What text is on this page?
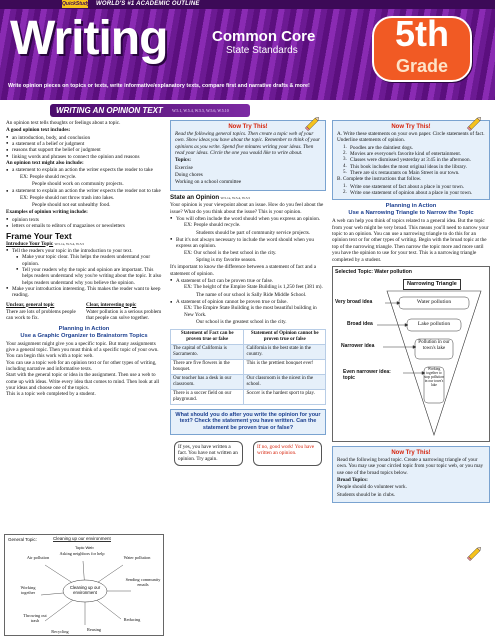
QuickStudy WORLD'S #1 ACADEMIC OUTLINE
Writing	Common Core
State Standards	5th
Grade
Write opinion pieces on topics or texts, write informative/explanatory texts, compare first and narrative drafts & more!
WRITING AN OPINION TEXT W.5.1, W.5.4, W.5.5, W.5.6, W.5.10

An opinion text tells thoughts or feelings about a topic.

A good opinion text includes:

● an introduction, body, and conclusion
● a statement of a belief or judgment
● reasons that support the belief or judgment
● linking words and phrases to connect the opinion and reasons

An opinion text might also include:

● a statement to explain an action the writer expects the reader to take

EX: People should recycle.

People should work on community projects.

● a statement to explain an action the writer expects the reader not to take

EX: People should not throw trash into lakes.

People should not eat unhealthy food.

Examples of opinion writing include:

● opinion texts
● letters or emails to editors of magazines or newsletters
Frame Your Text

Introduce Your Topic W.5.1a, W.5.4, W.5.5

● Tell the readers your topic in the introduction to your text.
● Make your topic clear. This helps the readers understand your opinion.
● Tell your readers why the topic and opinion are important. This helps readers understand why you're writing about the topic. It also helps readers understand why you believe the opinion.
● Make your introduction interesting. This makes the reader want to keep reading.

Unclear, general topic

There are lots of problems people can work to fix.

Clear, interesting topic

Water pollution is a serious problem that people can solve together.

Planning in Action
Use a Graphic Organizer to Brainstorm Topics

Your assignment might give you a specific topic. But many assignments give a general topic. Then you must think of a specific topic of your own. You can begin this work with a topic web.
You can use a topic web for an opinion text or for other types of writing, including narrative and informative texts.
Start with the general topic or idea in the assignment. Then use a web to come up with ideas. Write every idea that comes to mind. Then look at all your ideas and choose one of the topics.
This is a topic web completed by a student.

General Topic:	Cleaning up our environment
Cleaning up our
environment
Topic Web
Air pollution
Asking neighbors for help
Water pollution
Sending community emails
Working together
Throwing out trash	Reducing
Recycling	Reusing
Now Try This!

Read the following general topics. Then create a topic web of your own. Show ideas you have about the topic. Remember to think of your opinions as you write. Spend five minutes writing your ideas. Then read your ideas. Circle the one you would like to write about.

Topics:

Exercise

Doing chores

Working on a school committee

State an Opinion W.5.1a, W.5.4, W.5.5

Your opinion is your viewpoint about an issue. How do you feel about the issue? What do you think about the issue? This is your opinion.

● You will often include the word should when you express an opinion.

EX: People should recycle.

Students should be part of community service projects.

● But it's not always necessary to include the word should when you express an opinion.

EX: Our school is the best school in the city.

Spring is my favorite season.

It's important to know the difference between a statement of fact and a statement of opinion.

● A statement of fact can be proven true or false.

EX: The height of the Empire State Building is 1,250 feet (381 m).

The name of our school is Sally Ride Middle School.

● A statement of opinion cannot be proven true or false.

EX: The Empire State Building is the most beautiful building in New York.

Our school is the greatest school in the city.

Statement of Fact can be proven true or false	Statement of Opinion cannot be proven true or false
The capital of California is Sacramento.	California is the best state in the country.
There are five flowers in the bouquet.	This is the prettiest bouquet ever!
Our teacher has a desk in our classroom.	Our classroom is the nicest in the school.
There is a soccer field on our playground.	Soccer is the hardest sport to play.
What should you do after you write the opinion for your text? Check the statement you have written. Can the statement be proven true or false?
If yes, you have written a fact. You have not written an opinion. Try again.
If no, good work! You have written an opinion.
Now Try This!

A. Write these statements on your own paper. Circle statements of fact. Underline statements of opinion.

1. Poodles are the daintiest dogs.
2. Movies are everyone's favorite kind of entertainment.
3. Classes were dismissed yesterday at 3:45 in the afternoon.
4. This book includes the most original ideas in the library.
5. There are six restaurants on Main Street in our town.

B. Complete the instructions that follow.

1. Write one statement of fact about a place in your town.
2. Write one statement of opinion about a place in your town.
Planning in Action
Use a Narrowing Triangle to Narrow the Topic

A web can help you think of topics related to a general idea. But the topic from your web might be very broad. This means you'll need to narrow your topic to an opinion. You can use a narrowing triangle to do this for an opinion text or for other types of writing. Begin with the broad topic at the top of the narrowing triangle. Then narrow the topic more and more until you have the opinion to use for your text. This is a narrowing triangle completed by a student.

Selected Topic: Water pollution

Narrowing Triangle
Very broad idea	Water pollution
Broad idea	Lake pollution
Narrower idea
Pollution in our town's lake
Even narrower idea: topic
Working together to stop pollution in our town's lake
Now Try This!

Read the following broad topic. Create a narrowing triangle of your own. You may use your circled topic from your topic web, or you may use one of the broad topics below.

Broad Topics:

People should do volunteer work.

Students should be in clubs.
